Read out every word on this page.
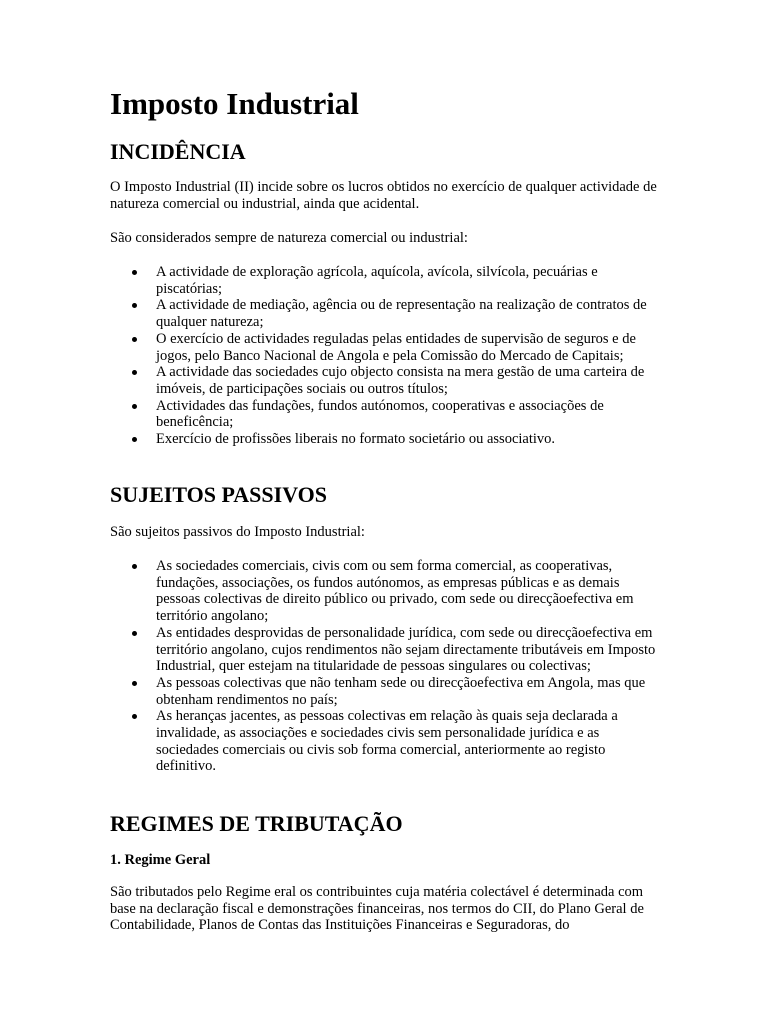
Imposto Industrial
INCIDÊNCIA

O Imposto Industrial (II) incide sobre os lucros obtidos no exercício de qualquer actividade de natureza comercial ou industrial, ainda que acidental.

São considerados sempre de natureza comercial ou industrial:

A actividade de exploração agrícola, aquícola, avícola, silvícola, pecuárias e piscatórias;
A actividade de mediação, agência ou de representação na realização de contratos de qualquer natureza;
O exercício de actividades reguladas pelas entidades de supervisão de seguros e de jogos, pelo Banco Nacional de Angola e pela Comissão do Mercado de Capitais;
A actividade das sociedades cujo objecto consista na mera gestão de uma carteira de imóveis, de participações sociais ou outros títulos;
Actividades das fundações, fundos autónomos, cooperativas e associações de beneficência;
Exercício de profissões liberais no formato societário ou associativo.
SUJEITOS PASSIVOS

São sujeitos passivos do Imposto Industrial:

As sociedades comerciais, civis com ou sem forma comercial, as cooperativas, fundações, associações, os fundos autónomos, as empresas públicas e as demais pessoas colectivas de direito público ou privado, com sede ou direcçãoefectiva em território angolano;
As entidades desprovidas de personalidade jurídica, com sede ou direcçãoefectiva em território angolano, cujos rendimentos não sejam directamente tributáveis em Imposto Industrial, quer estejam na titularidade de pessoas singulares ou colectivas;
As pessoas colectivas que não tenham sede ou direcçãoefectiva em Angola, mas que obtenham rendimentos no país;
As heranças jacentes, as pessoas colectivas em relação às quais seja declarada a invalidade, as associações e sociedades civis sem personalidade jurídica e as sociedades comerciais ou civis sob forma comercial, anteriormente ao registo definitivo.
REGIMES DE TRIBUTAÇÃO
1. Regime Geral

São tributados pelo Regime eral os contribuintes cuja matéria colectável é determinada com base na declaração fiscal e demonstrações financeiras, nos termos do CII, do Plano Geral de Contabilidade, Planos de Contas das Instituições Financeiras e Seguradoras, do
